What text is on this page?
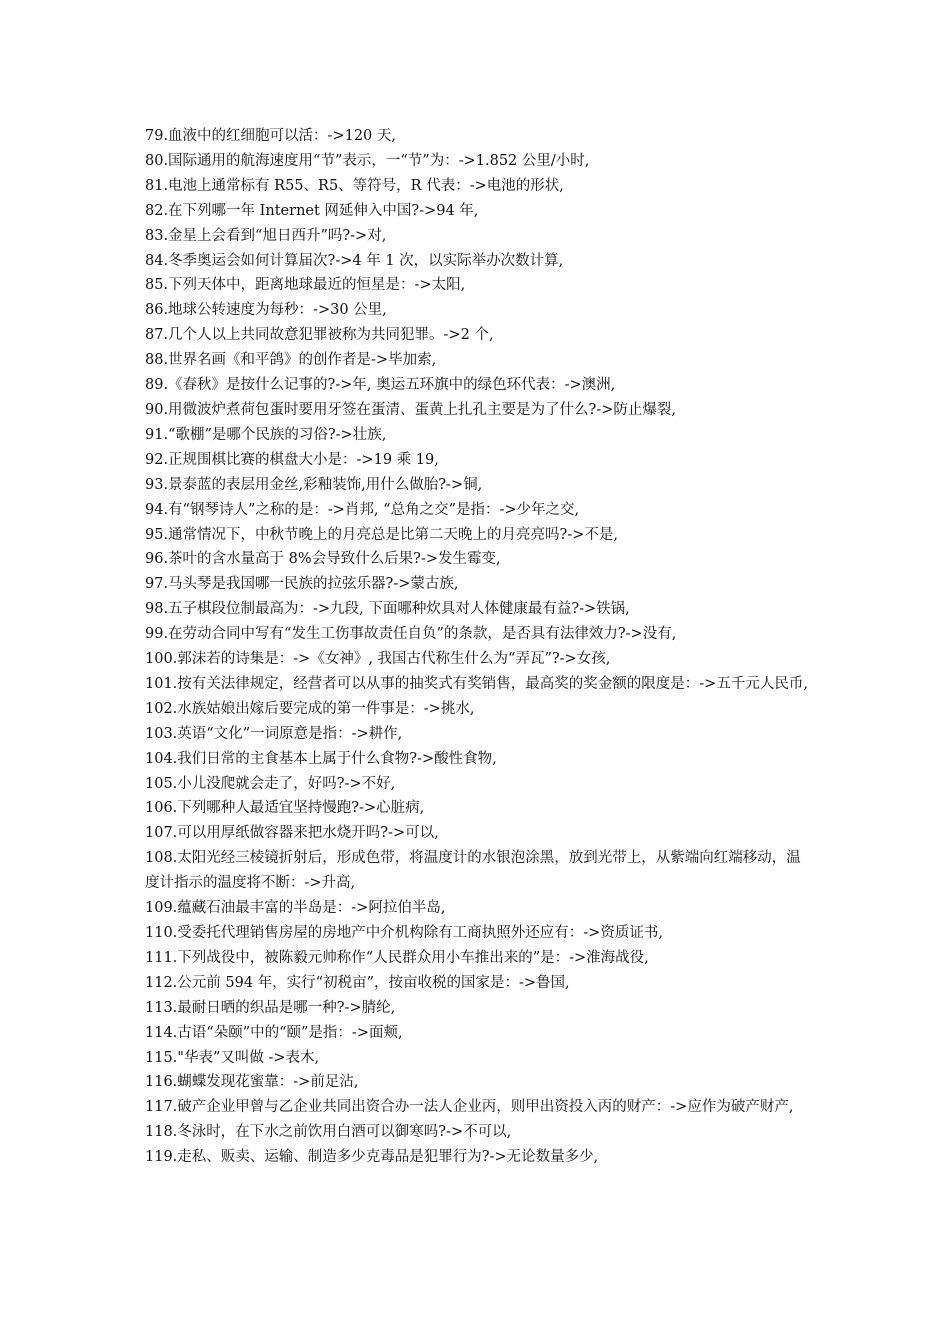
79.血液中的红细胞可以活：->120 天,
80.国际通用的航海速度用“节”表示，一“节”为：->1.852 公里/小时,
81.电池上通常标有 R55、R5、等符号，R 代表：->电池的形状,
82.在下列哪一年 Internet 网延伸入中国?->94 年,
83.金星上会看到“旭日西升”吗?->对,
84.冬季奥运会如何计算届次?->4 年 1 次，以实际举办次数计算,
85.下列天体中，距离地球最近的恒星是：->太阳,
86.地球公转速度为每秒：->30 公里,
87.几个人以上共同故意犯罪被称为共同犯罪。->2 个,
88.世界名画《和平鸽》的创作者是->毕加索,
89.《春秋》是按什么记事的?->年, 奥运五环旗中的绿色环代表：->澳洲,
90.用微波炉煮荷包蛋时要用牙签在蛋清、蛋黄上扎孔主要是为了什么?->防止爆裂,
91.“歌棚”是哪个民族的习俗?->壮族,
92.正规围棋比赛的棋盘大小是：->19 乘 19,
93.景泰蓝的表层用金丝,彩釉装饰,用什么做胎?->铜,
94.有“钢琴诗人”之称的是：->肖邦, “总角之交”是指：->少年之交,
95.通常情况下，中秋节晚上的月亮总是比第二天晚上的月亮亮吗?->不是,
96.茶叶的含水量高于 8%会导致什么后果?->发生霉变,
97.马头琴是我国哪一民族的拉弦乐器?->蒙古族,
98.五子棋段位制最高为：->九段, 下面哪种炊具对人体健康最有益?->铁锅,
99.在劳动合同中写有“发生工伤事故责任自负”的条款，是否具有法律效力?->没有,
100.郭沫若的诗集是：->《女神》, 我国古代称生什么为“弄瓦”?->女孩,
101.按有关法律规定，经营者可以从事的抽奖式有奖销售，最高奖的奖金额的限度是：->五千元人民币,
102.水族姑娘出嫁后要完成的第一件事是：->挑水,
103.英语“文化”一词原意是指：->耕作,
104.我们日常的主食基本上属于什么食物?->酸性食物,
105.小儿没爬就会走了，好吗?->不好,
106.下列哪种人最适宜坚持慢跑?->心脏病,
107.可以用厚纸做容器来把水烧开吗?->可以,
108.太阳光经三棱镜折射后，形成色带，将温度计的水银泡涂黑，放到光带上，从紫端向红端移动，温度计指示的温度将不断：->升高,
109.蕴藏石油最丰富的半岛是：->阿拉伯半岛,
110.受委托代理销售房屋的房地产中介机构除有工商执照外还应有：->资质证书,
111.下列战役中，被陈毅元帅称作“人民群众用小车推出来的”是：->淮海战役,
112.公元前 594 年，实行“初税亩”，按亩收税的国家是：->鲁国,
113.最耐日晒的织品是哪一种?->腈纶,
114.古语“朵颐”中的“颐”是指：->面颊,
115."华表”又叫做 ->表木,
116.蝴蝶发现花蜜靠：->前足沾,
117.破产企业甲曾与乙企业共同出资合办一法人企业丙，则甲出资投入丙的财产：->应作为破产财产,
118.冬泳时，在下水之前饮用白酒可以御寒吗?->不可以,
119.走私、贩卖、运输、制造多少克毒品是犯罪行为?->无论数量多少,
